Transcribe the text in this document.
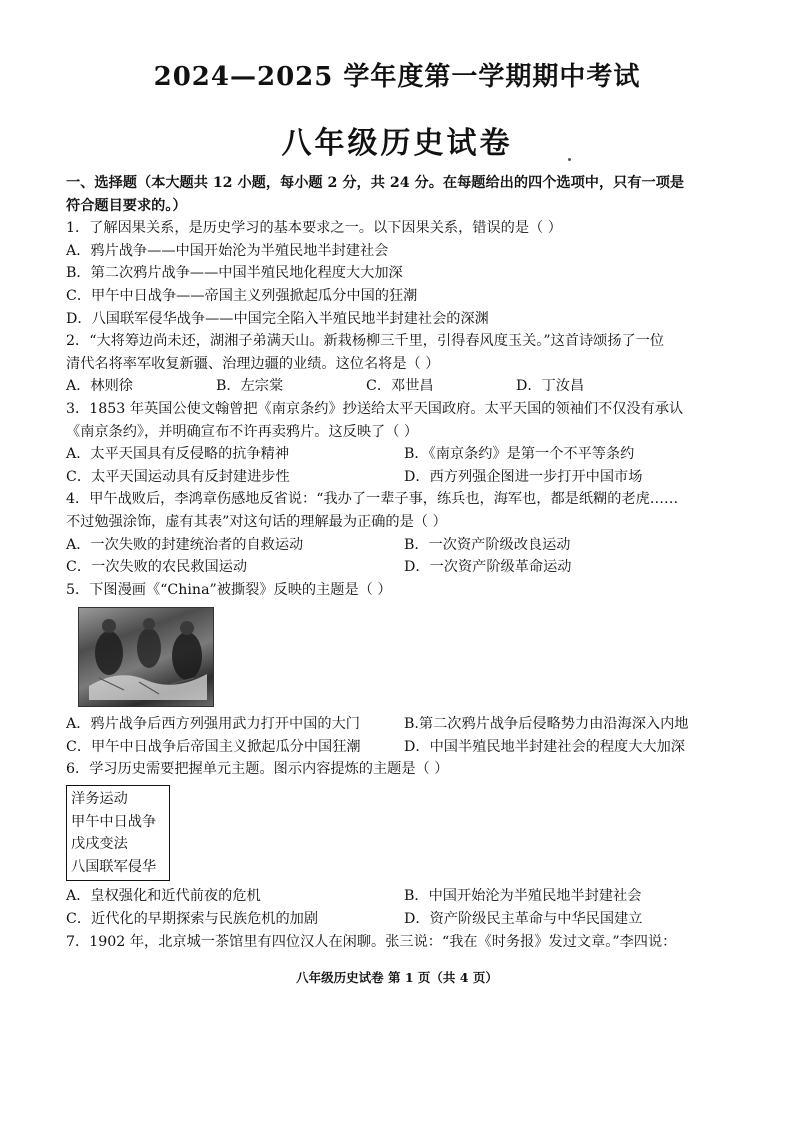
2024—2025 学年度第一学期期中考试
八年级历史试卷
一、选择题（本大题共 12 小题，每小题 2 分，共 24 分。在每题给出的四个选项中，只有一项是
符合题目要求的。）
1．了解因果关系，是历史学习的基本要求之一。以下因果关系，错误的是（ ）
A．鸦片战争——中国开始沦为半殖民地半封建社会
B．第二次鸦片战争——中国半殖民地化程度大大加深
C．甲午中日战争——帝国主义列强掀起瓜分中国的狂潮
D．八国联军侵华战争——中国完全陷入半殖民地半封建社会的深渊
2．“大将筹边尚未还，湖湘子弟满天山。新栽杨柳三千里，引得春风度玉关。”这首诗颂扬了一位
清代名将率军收复新疆、治理边疆的业绩。这位名将是（ ）
A．林则徐	B．左宗棠	C．邓世昌	D．丁汝昌
3．1853 年英国公使文翰曾把《南京条约》抄送给太平天国政府。太平天国的领袖们不仅没有承认
《南京条约》，并明确宣布不许再卖鸦片。这反映了（ ）
A．太平天国具有反侵略的抗争精神	B．《南京条约》是第一个不平等条约
C．太平天国运动具有反封建进步性	D．西方列强企图进一步打开中国市场
4．甲午战败后，李鸿章伤感地反省说：“我办了一辈子事，练兵也，海军也，都是纸糊的老虎……
不过勉强涂饰，虚有其表”对这句话的理解最为正确的是（ ）
A．一次失败的封建统治者的自救运动	B．一次资产阶级改良运动
C．一次失败的农民救国运动	D．一次资产阶级革命运动
5．下图漫画《“China”被撕裂》反映的主题是（ ）
A．鸦片战争后西方列强用武力打开中国的大门	B.第二次鸦片战争后侵略势力由沿海深入内地
C．甲午中日战争后帝国主义掀起瓜分中国狂潮	D．中国半殖民地半封建社会的程度大大加深
6．学习历史需要把握单元主题。图示内容提炼的主题是（ ）
洋务运动
甲午中日战争
戊戌变法
八国联军侵华
A．皇权强化和近代前夜的危机	B．中国开始沦为半殖民地半封建社会
C．近代化的早期探索与民族危机的加剧	D．资产阶级民主革命与中华民国建立
7．1902 年，北京城一茶馆里有四位汉人在闲聊。张三说：“我在《时务报》发过文章。”李四说：
八年级历史试卷 第 1 页（共 4 页）
